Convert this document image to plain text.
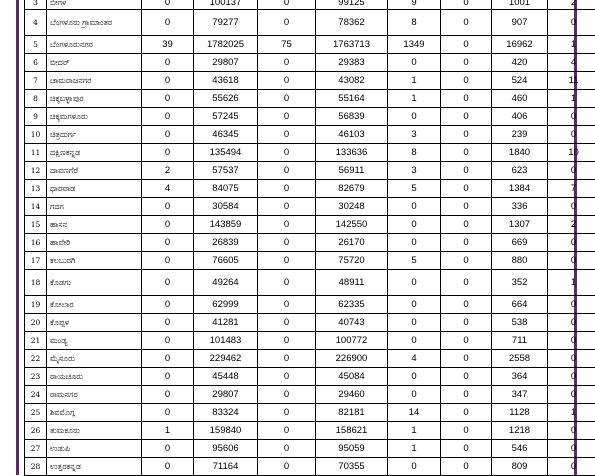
3	ಬೀಗಳ	0	100137	0	99125	9	0	1001	2
4	ಬೆಂಗಳೂರು ಗ್ರಾಮಾಂತರ	0	79277	0	78362	8	0	907	0
5	ಬೆಂಗಳೂರುನಗರ	39	1782025	75	1763713	1349	0	16962	1
6	ಬೀದರ್	0	29807	0	29383	0	0	420	4
7	ಚಾಮರಾಜನಗರ	0	43618	0	43082	1	0	524	11
8	ಚಿಕ್ಕಬಳ್ಳಾಪುರ	0	55626	0	55164	1	0	460	1
9	ಚಿಕ್ಕಮಗಳೂರು	0	57245	0	56839	0	0	406	0
10	ಚಿತ್ರದುರ್ಗ	0	46345	0	46103	3	0	239	0
11	ದಕ್ಷಿಣಕನ್ನಡ	0	135494	0	133636	8	0	1840	10
12	ದಾವಣಗೆರೆ	2	57537	0	56911	3	0	623	0
13	ಧಾರವಾಡ	4	84075	0	82679	5	0	1384	7
14	ಗದಗ	0	30584	0	30248	0	0	336	0
15	ಹಾಸನ	0	143859	0	142550	0	0	1307	2
16	ಹಾವೇರಿ	0	26839	0	26170	0	0	669	0
17	ಕಲಬುರಗಿ	0	76605	0	75720	5	0	880	0
18	ಕೊಡಗು	0	49264	0	48911	0	0	352	1
19	ಕೋಲಾರ	0	62999	0	62335	0	0	664	0
20	ಕೊಪ್ಪಳ	0	41281	0	40743	0	0	538	0
21	ಮಂಡ್ಯ	0	101483	0	100772	0	0	711	0
22	ಮೈಸೂರು	0	229462	0	226900	4	0	2558	0
23	ರಾಯಚೂರು	0	45448	0	45084	0	0	364	0
24	ರಾಮನಗರ	0	29807	0	29460	0	0	347	0
25	ಶಿವಮೊಗ್ಗ	0	83324	0	82181	14	0	1128	1
26	ತುಮಕೂರು	1	159840	0	158621	1	0	1218	0
27	ಉಡುಪಿ	0	95606	0	95059	1	0	546	0
28	ಉತ್ತರಕನ್ನಡ	0	71164	0	70355	0	0	809	0
